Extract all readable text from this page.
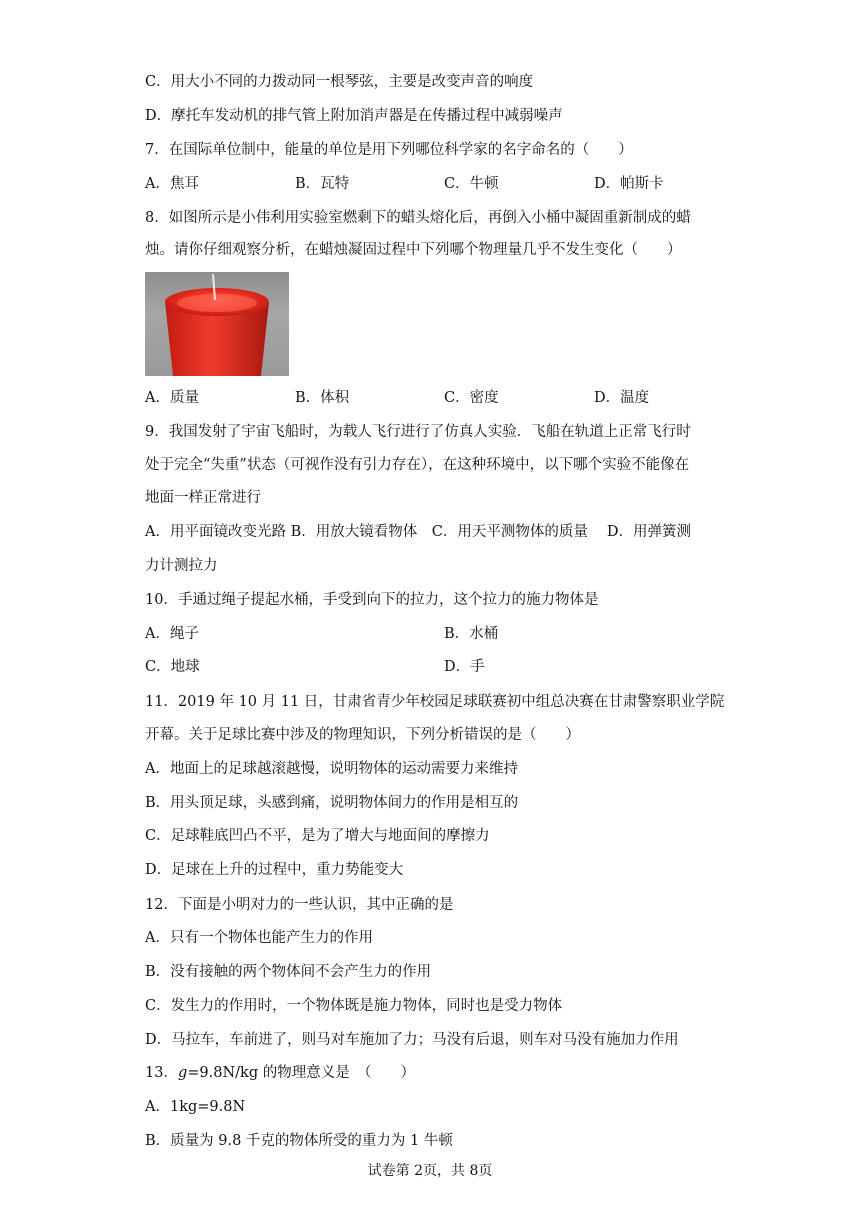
C．用大小不同的力拨动同一根琴弦，主要是改变声音的响度
D．摩托车发动机的排气管上附加消声器是在传播过程中减弱噪声
7．在国际单位制中，能量的单位是用下列哪位科学家的名字命名的（　　）
A．焦耳	B．瓦特	C．牛顿	D．帕斯卡
8．如图所示是小伟利用实验室燃剩下的蜡头熔化后，再倒入小桶中凝固重新制成的蜡
烛。请你仔细观察分析，在蜡烛凝固过程中下列哪个物理量几乎不发生变化（　　）
A．质量	B．体积	C．密度	D．温度
9．我国发射了宇宙飞船时，为载人飞行进行了仿真人实验．飞船在轨道上正常飞行时
处于完全“失重”状态（可视作没有引力存在），在这种环境中，以下哪个实验不能像在
地面一样正常进行
A．用平面镜改变光路 B．用放大镜看物体　C．用天平测物体的质量　 D．用弹簧测
力计测拉力
10．手通过绳子提起水桶，手受到向下的拉力，这个拉力的施力物体是
A．绳子	B．水桶
C．地球	D．手
11．2019 年 10 月 11 日，甘肃省青少年校园足球联赛初中组总决赛在甘肃警察职业学院
开幕。关于足球比赛中涉及的物理知识，下列分析错误的是（　　）
A．地面上的足球越滚越慢，说明物体的运动需要力来维持
B．用头顶足球，头感到痛，说明物体间力的作用是相互的
C．足球鞋底凹凸不平，是为了增大与地面间的摩擦力
D．足球在上升的过程中，重力势能变大
12．下面是小明对力的一些认识，其中正确的是
A．只有一个物体也能产生力的作用
B．没有接触的两个物体间不会产生力的作用
C．发生力的作用时，一个物体既是施力物体，同时也是受力物体
D．马拉车，车前进了，则马对车施加了力；马没有后退，则车对马没有施加力作用
13．g=9.8N/kg 的物理意义是　（　　）
A．1kg=9.8N
B．质量为 9.8 千克的物体所受的重力为 1 牛顿
试卷第 2页，共 8页
